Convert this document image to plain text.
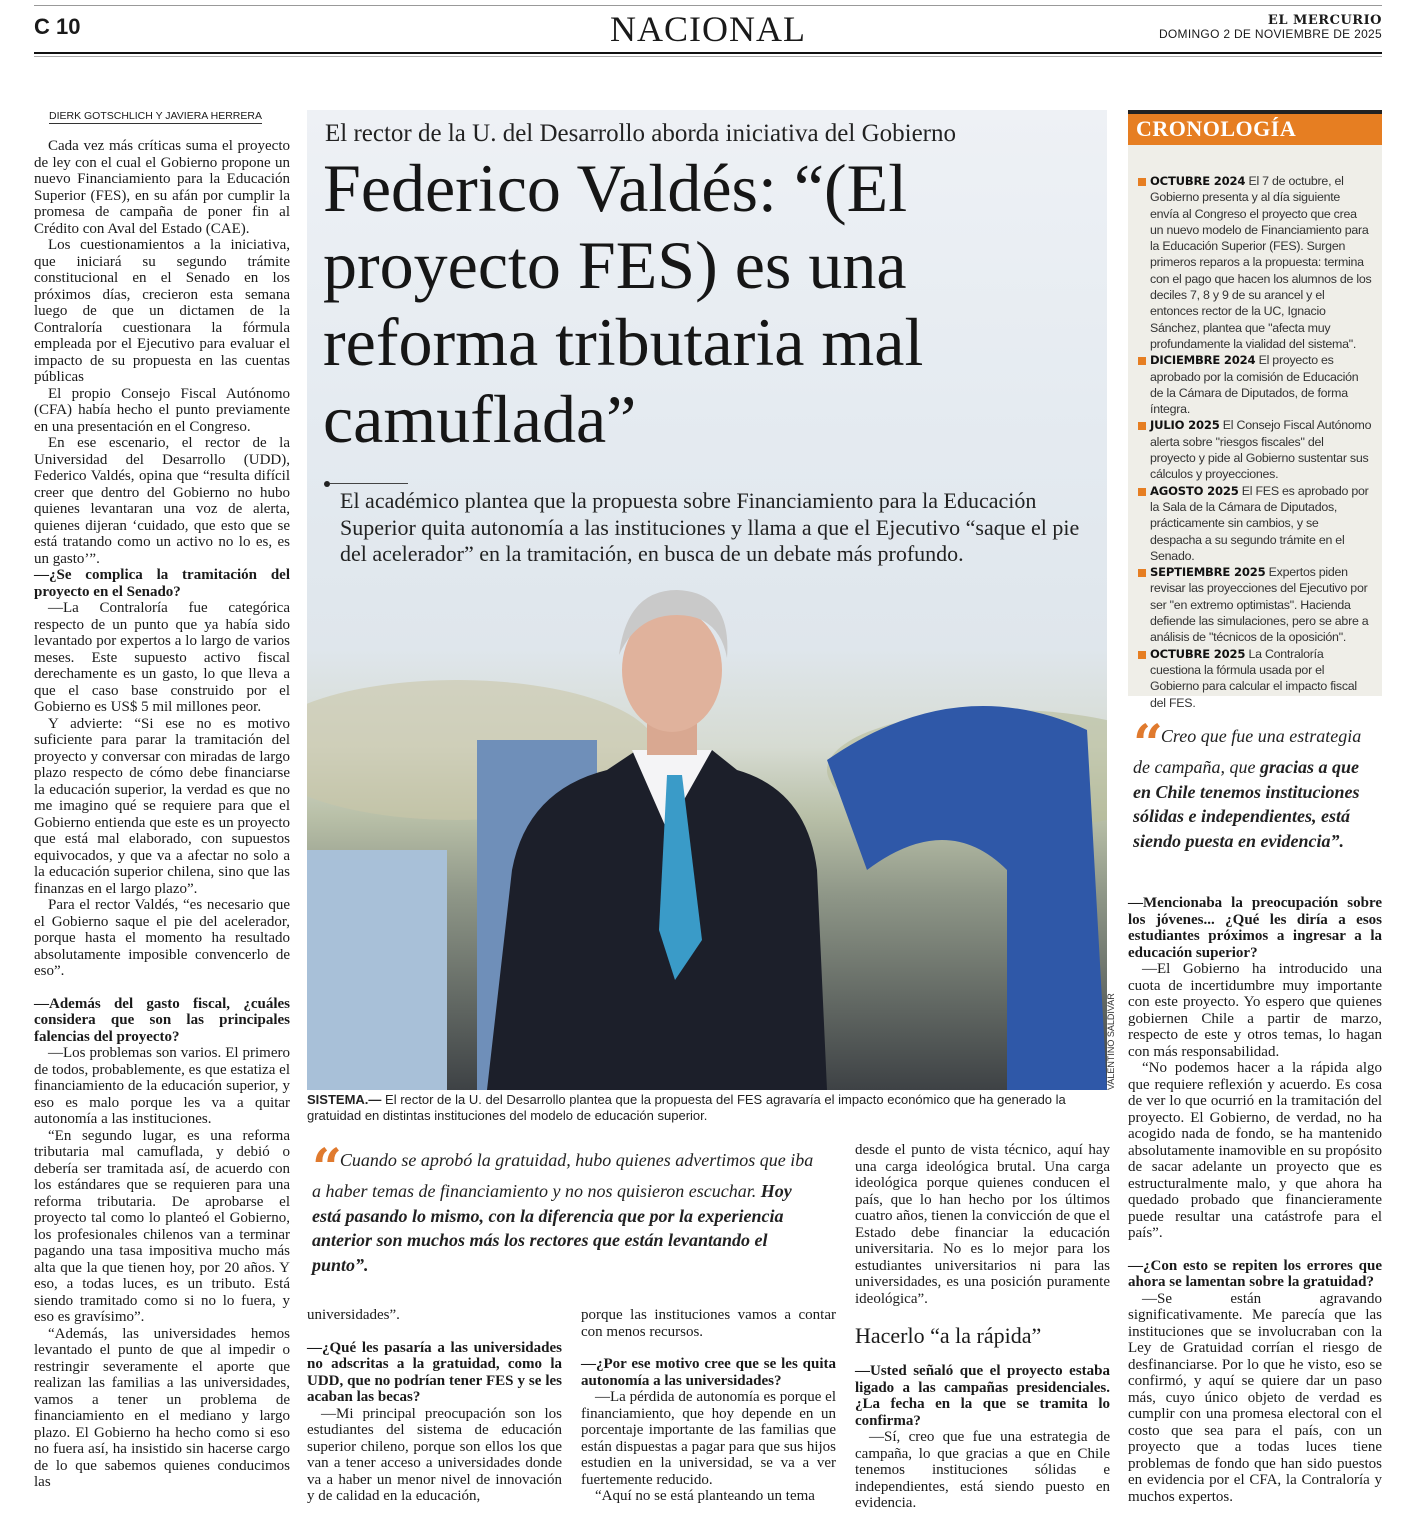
C 10	NACIONAL	EL MERCURIO
DOMINGO 2 DE NOVIEMBRE DE 2025
DIERK GOTSCHLICH Y JAVIERA HERRERA

Cada vez más críticas suma el proyecto de ley con el cual el Gobierno propone un nuevo Financiamiento para la Educación Superior (FES), en su afán por cumplir la promesa de campaña de poner fin al Crédito con Aval del Estado (CAE).

Los cuestionamientos a la iniciativa, que iniciará su segundo trámite constitucional en el Senado en los próximos días, crecieron esta semana luego de que un dictamen de la Contraloría cuestionara la fórmula empleada por el Ejecutivo para evaluar el impacto de su propuesta en las cuentas públicas

El propio Consejo Fiscal Autónomo (CFA) había hecho el punto previamente en una presentación en el Congreso.

En ese escenario, el rector de la Universidad del Desarrollo (UDD), Federico Valdés, opina que “resulta difícil creer que dentro del Gobierno no hubo quienes levantaran una voz de alerta, quienes dijeran ‘cuidado, que esto que se está tratando como un activo no lo es, es un gasto’”.

—¿Se complica la tramitación del proyecto en el Senado?

—La Contraloría fue categórica respecto de un punto que ya había sido levantado por expertos a lo largo de varios meses. Este supuesto activo fiscal derechamente es un gasto, lo que lleva a que el caso base construido por el Gobierno es US$ 5 mil millones peor.

Y advierte: “Si ese no es motivo suficiente para parar la tramitación del proyecto y conversar con miradas de largo plazo respecto de cómo debe financiarse la educación superior, la verdad es que no me imagino qué se requiere para que el Gobierno entienda que este es un proyecto que está mal elaborado, con supuestos equivocados, y que va a afectar no solo a la educación superior chilena, sino que las finanzas en el largo plazo”.

Para el rector Valdés, “es necesario que el Gobierno saque el pie del acelerador, porque hasta el momento ha resultado absolutamente imposible convencerlo de eso”.

—Además del gasto fiscal, ¿cuáles considera que son las principales falencias del proyecto?

—Los problemas son varios. El primero de todos, probablemente, es que estatiza el financiamiento de la educación superior, y eso es malo porque les va a quitar autonomía a las instituciones.

“En segundo lugar, es una reforma tributaria mal camuflada, y debió o debería ser tramitada así, de acuerdo con los estándares que se requieren para una reforma tributaria. De aprobarse el proyecto tal como lo planteó el Gobierno, los profesionales chilenos van a terminar pagando una tasa impositiva mucho más alta que la que tienen hoy, por 20 años. Y eso, a todas luces, es un tributo. Está siendo tramitado como si no lo fuera, y eso es gravísimo”.

“Además, las universidades hemos levantado el punto de que al impedir o restringir severamente el aporte que realizan las familias a las universidades, vamos a tener un problema de financiamiento en el mediano y largo plazo. El Gobierno ha hecho como si eso no fuera así, ha insistido sin hacerse cargo de lo que sabemos quienes conducimos las

El rector de la U. del Desarrollo aborda iniciativa del Gobierno
Federico Valdés: “(El proyecto FES) es una reforma tributaria mal camuflada”
El académico plantea que la propuesta sobre Financiamiento para la Educación Superior quita autonomía a las instituciones y llama a que el Ejecutivo “saque el pie del acelerador” en la tramitación, en busca de un debate más profundo.
VALENTINO SALDIVAR
SISTEMA.— El rector de la U. del Desarrollo plantea que la propuesta del FES agravaría el impacto económico que ha generado la gratuidad en distintas instituciones del modelo de educación superior.
“ Cuando se aprobó la gratuidad, hubo quienes advertimos que iba a haber temas de financiamiento y no nos quisieron escuchar. Hoy está pasando lo mismo, con la diferencia que por la experiencia anterior son muchos más los rectores que están levantando el punto”.

universidades”.

—¿Qué les pasaría a las universidades no adscritas a la gratuidad, como la UDD, que no podrían tener FES y se les acaban las becas?

—Mi principal preocupación son los estudiantes del sistema de educación superior chileno, porque son ellos los que van a tener acceso a universidades donde va a haber un menor nivel de innovación y de calidad en la educación,

porque las instituciones vamos a contar con menos recursos.

—¿Por ese motivo cree que se les quita autonomía a las universidades?

—La pérdida de autonomía es porque el financiamiento, que hoy depende en un porcentaje importante de las familias que están dispuestas a pagar para que sus hijos estudien en la universidad, se va a ver fuertemente reducido.

“Aquí no se está planteando un tema

desde el punto de vista técnico, aquí hay una carga ideológica brutal. Una carga ideológica porque quienes conducen el país, que lo han hecho por los últimos cuatro años, tienen la convicción de que el Estado debe financiar la educación universitaria. No es lo mejor para los estudiantes universitarios ni para las universidades, es una posición puramente ideológica”.

Hacerlo “a la rápida”

—Usted señaló que el proyecto estaba ligado a las campañas presidenciales. ¿La fecha en la que se tramita lo confirma?

—Sí, creo que fue una estrategia de campaña, lo que gracias a que en Chile tenemos instituciones sólidas e independientes, está siendo puesto en evidencia.

CRONOLOGÍA
OCTUBRE 2024 El 7 de octubre, el Gobierno presenta y al día siguiente envía al Congreso el proyecto que crea un nuevo modelo de Financiamiento para la Educación Superior (FES). Surgen primeros reparos a la propuesta: termina con el pago que hacen los alumnos de los deciles 7, 8 y 9 de su arancel y el entonces rector de la UC, Ignacio Sánchez, plantea que "afecta muy profundamente la vialidad del sistema".
DICIEMBRE 2024 El proyecto es aprobado por la comisión de Educación de la Cámara de Diputados, de forma íntegra.
JULIO 2025 El Consejo Fiscal Autónomo alerta sobre "riesgos fiscales" del proyecto y pide al Gobierno sustentar sus cálculos y proyecciones.
AGOSTO 2025 El FES es aprobado por la Sala de la Cámara de Diputados, prácticamente sin cambios, y se despacha a su segundo trámite en el Senado.
SEPTIEMBRE 2025 Expertos piden revisar las proyecciones del Ejecutivo por ser "en extremo optimistas". Hacienda defiende las simulaciones, pero se abre a análisis de "técnicos de la oposición".
OCTUBRE 2025 La Contraloría cuestiona la fórmula usada por el Gobierno para calcular el impacto fiscal del FES.
“ Creo que fue una estrategia de campaña, que gracias a que en Chile tenemos instituciones sólidas e independientes, está siendo puesta en evidencia”.

—Mencionaba la preocupación sobre los jóvenes... ¿Qué les diría a esos estudiantes próximos a ingresar a la educación superior?

—El Gobierno ha introducido una cuota de incertidumbre muy importante con este proyecto. Yo espero que quienes gobiernen Chile a partir de marzo, respecto de este y otros temas, lo hagan con más responsabilidad.

“No podemos hacer a la rápida algo que requiere reflexión y acuerdo. Es cosa de ver lo que ocurrió en la tramitación del proyecto. El Gobierno, de verdad, no ha acogido nada de fondo, se ha mantenido absolutamente inamovible en su propósito de sacar adelante un proyecto que es estructuralmente malo, y que ahora ha quedado probado que financieramente puede resultar una catástrofe para el país”.

—¿Con esto se repiten los errores que ahora se lamentan sobre la gratuidad?

—Se están agravando significativamente. Me parecía que las instituciones que se involucraban con la Ley de Gratuidad corrían el riesgo de desfinanciarse. Por lo que he visto, eso se confirmó, y aquí se quiere dar un paso más, cuyo único objeto de verdad es cumplir con una promesa electoral con el costo que sea para el país, con un proyecto que a todas luces tiene problemas de fondo que han sido puestos en evidencia por el CFA, la Contraloría y muchos expertos.
